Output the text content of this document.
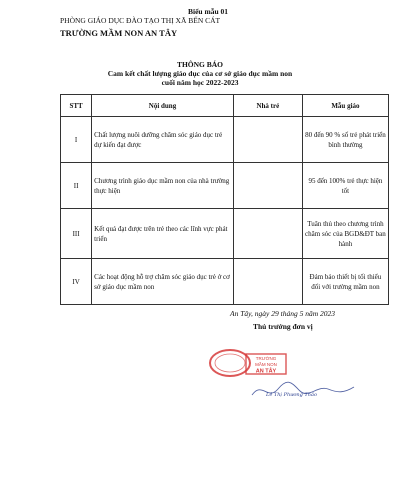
Biểu mẫu 01
PHÒNG GIÁO DỤC ĐÀO TẠO THỊ XÃ BẾN CÁT
TRƯỜNG MẦM NON AN TÂY
THÔNG BÁO
Cam kết chất lượng giáo dục của cơ sở giáo dục mầm non
cuối năm học 2022-2023
STT	Nội dung	Nhà trẻ	Mẫu giáo
I	Chất lượng nuôi dưỡng chăm sóc giáo dục trẻ dự kiến đạt được		80 đến 90 % số trẻ phát triển bình thường
II	Chương trình giáo dục mầm non của nhà trường thực hiện		95 đến 100% trẻ thực hiện tốt
III	Kết quả đạt được trên trẻ theo các lĩnh vực phát triển		Tuân thủ theo chương trình chăm sóc của BGD&ĐT ban hành
IV	Các hoạt động hỗ trợ chăm sóc giáo dục trẻ ở cơ sở giáo dục mầm non		Đảm bảo thiết bị tối thiểu đối với trường mầm non
An Tây, ngày 29 tháng 5 năm 2023
Thủ trưởng đơn vị
TRƯỜNG
MẦM NON
AN TÂY
Lê Thị Phương Thảo
